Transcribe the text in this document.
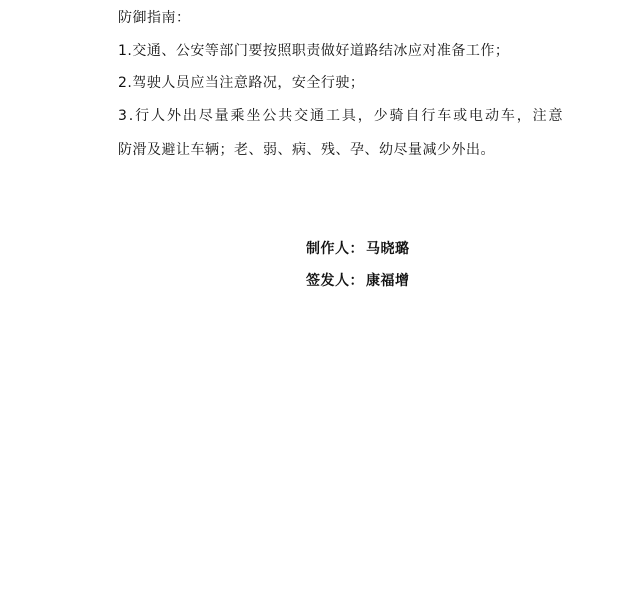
防御指南：
1.交通、公安等部门要按照职责做好道路结冰应对准备工作；
2.驾驶人员应当注意路况，安全行驶；
3.行人外出尽量乘坐公共交通工具，少骑自行车或电动车，注意
防滑及避让车辆；老、弱、病、残、孕、幼尽量减少外出。
制作人： 马晓璐
签发人： 康福增
